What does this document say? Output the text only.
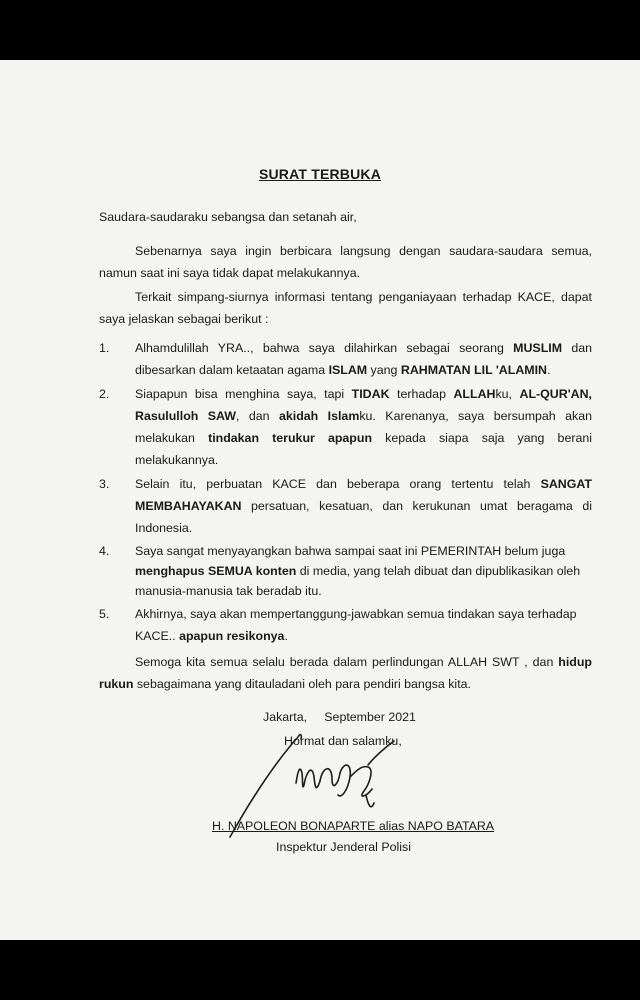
SURAT TERBUKA
Saudara-saudaraku sebangsa dan setanah air,
Sebenarnya saya ingin berbicara langsung dengan saudara-saudara semua,
namun saat ini saya tidak dapat melakukannya.
Terkait simpang-siurnya informasi tentang penganiayaan terhadap KACE, dapat
saya jelaskan sebagai berikut :
1. Alhamdulillah YRA.., bahwa saya dilahirkan sebagai seorang MUSLIM dan
dibesarkan dalam ketaatan agama ISLAM yang RAHMATAN LIL 'ALAMIN.
2. Siapapun bisa menghina saya, tapi TIDAK terhadap ALLAHku, AL-QUR'AN,
Rasululloh SAW, dan akidah Islamku. Karenanya, saya bersumpah akan
melakukan tindakan terukur apapun kepada siapa saja yang berani
melakukannya.
3. Selain itu, perbuatan KACE dan beberapa orang tertentu telah SANGAT
MEMBAHAYAKAN persatuan, kesatuan, dan kerukunan umat beragama di
Indonesia.
4. Saya sangat menyayangkan bahwa sampai saat ini PEMERINTAH belum juga
menghapus SEMUA konten di media, yang telah dibuat dan dipublikasikan oleh
manusia-manusia tak beradab itu.
5. Akhirnya, saya akan mempertanggung-jawabkan semua tindakan saya terhadap
KACE.. apapun resikonya.
Semoga kita semua selalu berada dalam perlindungan ALLAH SWT , dan hidup
rukun sebagaimana yang ditauladani oleh para pendiri bangsa kita.
Jakarta,     September 2021
Hormat dan salamku,
H. NAPOLEON BONAPARTE alias NAPO BATARA
Inspektur Jenderal Polisi
